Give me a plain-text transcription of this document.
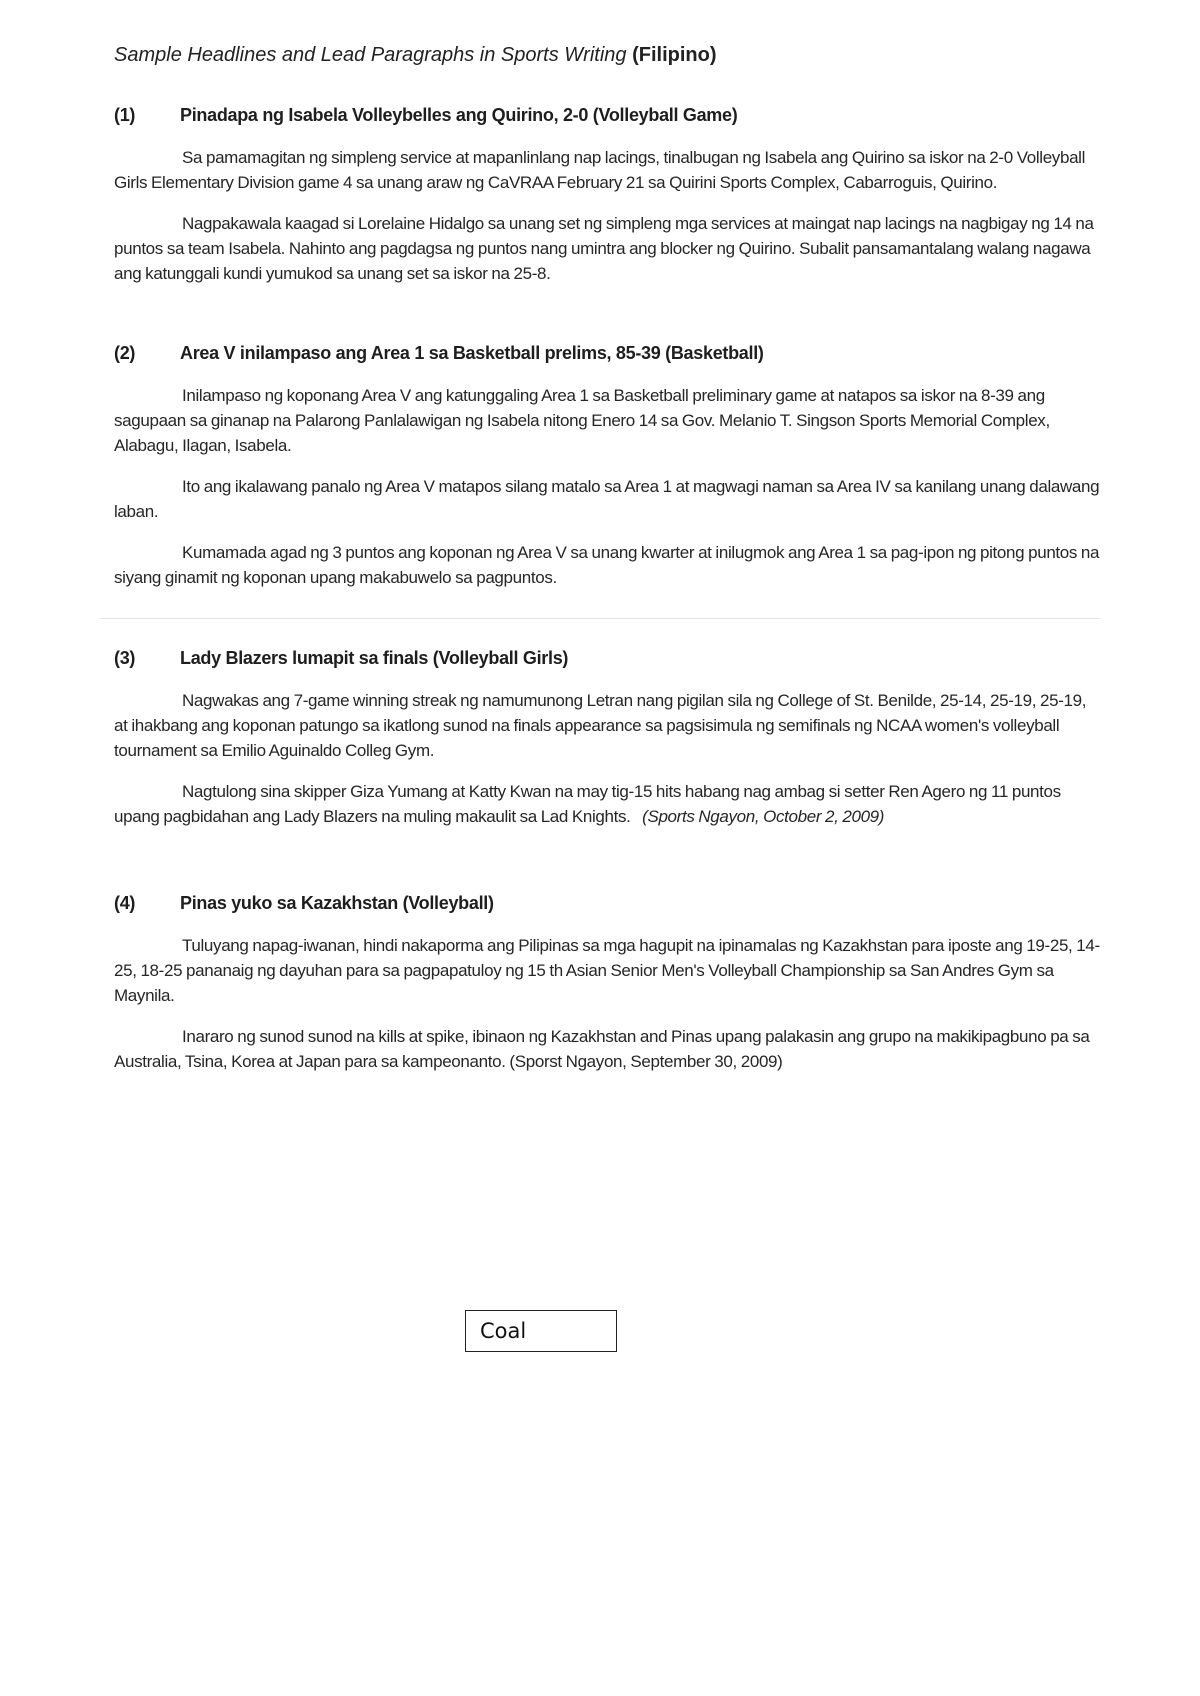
Sample Headlines and Lead Paragraphs in Sports Writing (Filipino)

(1) Pinadapa ng Isabela Volleybelles ang Quirino, 2-0 (Volleyball Game)

Sa pamamagitan ng simpleng service at mapanlinlang nap lacings, tinalbugan ng Isabela ang Quirino sa iskor na 2-0 Volleyball Girls Elementary Division game 4 sa unang araw ng CaVRAA February 21 sa Quirini Sports Complex, Cabarroguis, Quirino.

Nagpakawala kaagad si Lorelaine Hidalgo sa unang set ng simpleng mga services at maingat nap lacings na nagbigay ng 14 na puntos sa team Isabela. Nahinto ang pagdagsa ng puntos nang umintra ang blocker ng Quirino. Subalit pansamantalang walang nagawa ang katunggali kundi yumukod sa unang set sa iskor na 25-8.

(2) Area V inilampaso ang Area 1 sa Basketball prelims, 85-39 (Basketball)

Inilampaso ng koponang Area V ang katunggaling Area 1 sa Basketball preliminary game at natapos sa iskor na 8-39 ang sagupaan sa ginanap na Palarong Panlalawigan ng Isabela nitong Enero 14 sa Gov. Melanio T. Singson Sports Memorial Complex, Alabagu, Ilagan, Isabela.

Ito ang ikalawang panalo ng Area V matapos silang matalo sa Area 1 at magwagi naman sa Area IV sa kanilang unang dalawang laban.

Kumamada agad ng 3 puntos ang koponan ng Area V sa unang kwarter at inilugmok ang Area 1 sa pag-ipon ng pitong puntos na siyang ginamit ng koponan upang makabuwelo sa pagpuntos.

(3) Lady Blazers lumapit sa finals (Volleyball Girls)

Nagwakas ang 7-game winning streak ng namumunong Letran nang pigilan sila ng College of St. Benilde, 25-14, 25-19, 25-19, at ihakbang ang koponan patungo sa ikatlong sunod na finals appearance sa pagsisimula ng semifinals ng NCAA women's volleyball tournament sa Emilio Aguinaldo Colleg Gym.

Nagtulong sina skipper Giza Yumang at Katty Kwan na may tig-15 hits habang nag ambag si setter Ren Agero ng 11 puntos upang pagbidahan ang Lady Blazers na muling makaulit sa Lad Knights. (Sports Ngayon, October 2, 2009)

(4) Pinas yuko sa Kazakhstan (Volleyball)

Tuluyang napag-iwanan, hindi nakaporma ang Pilipinas sa mga hagupit na ipinamalas ng Kazakhstan para iposte ang 19-25, 14-25, 18-25 pananaig ng dayuhan para sa pagpapatuloy ng 15 th Asian Senior Men's Volleyball Championship sa San Andres Gym sa Maynila.

Inararo ng sunod sunod na kills at spike, ibinaon ng Kazakhstan and Pinas upang palakasin ang grupo na makikipagbuno pa sa Australia, Tsina, Korea at Japan para sa kampeonanto. (Sporst Ngayon, September 30, 2009)

Coal
